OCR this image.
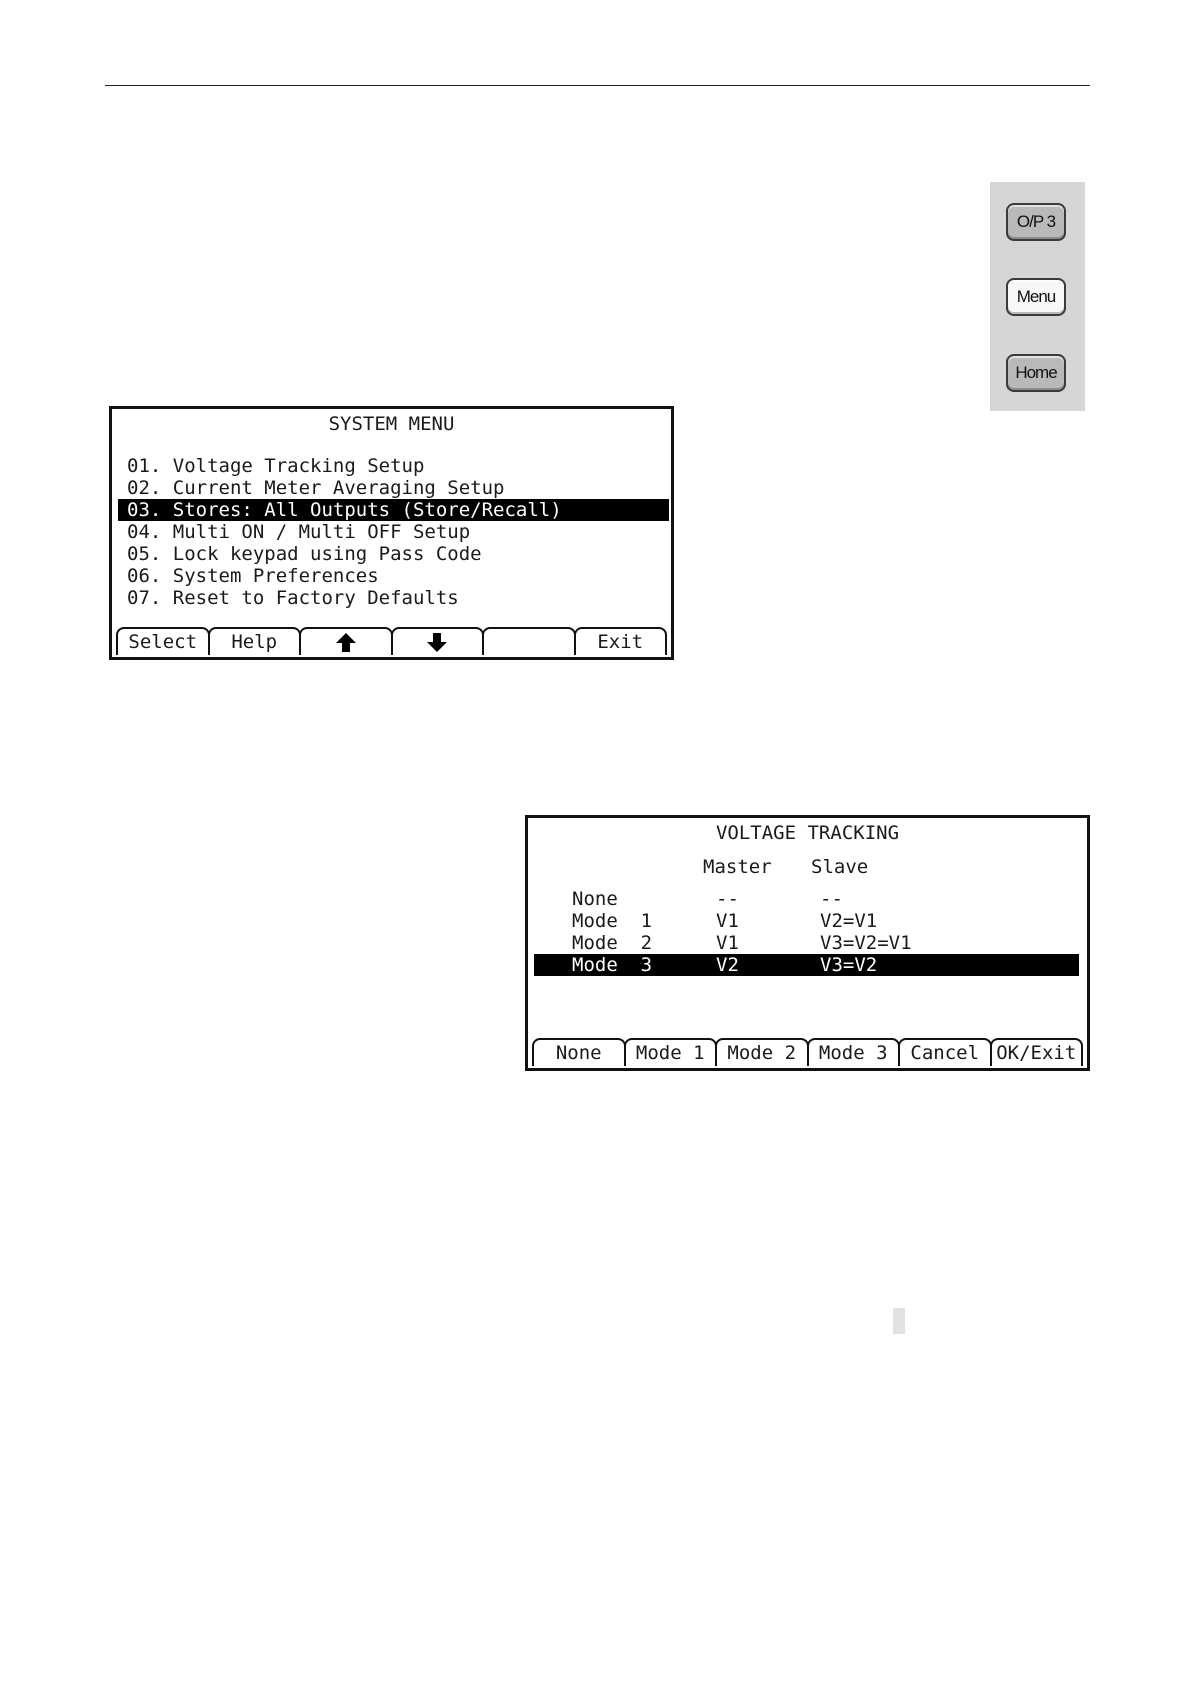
O/P 3
Menu
Home
SYSTEM MENU
01. Voltage Tracking Setup
02. Current Meter Averaging Setup
03. Stores: All Outputs (Store/Recall)
04. Multi ON / Multi OFF Setup
05. Lock keypad using Pass Code
06. System Preferences
07. Reset to Factory Defaults
Select	Help	Exit
VOLTAGE TRACKING
Master Slave
None	--	--
Mode  1	V1	V2=V1
Mode  2	V1	V3=V2=V1
Mode  3	V2	V3=V2
None	Mode 1	Mode 2	Mode 3	Cancel OK/Exit
